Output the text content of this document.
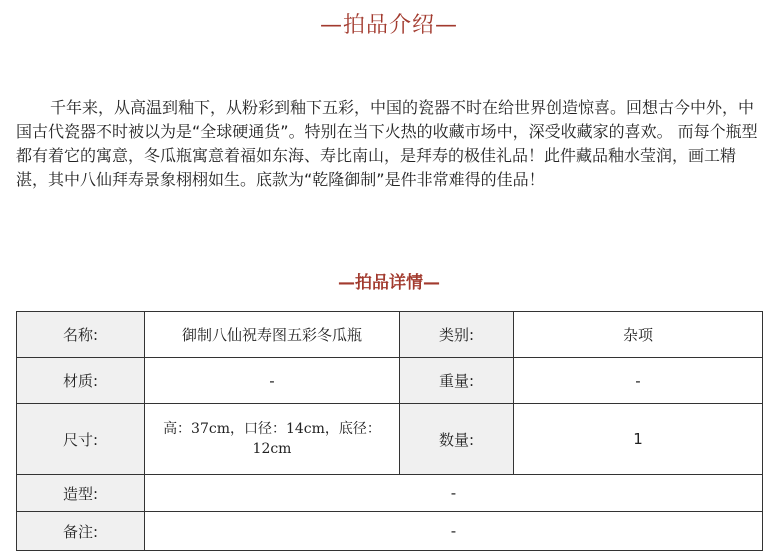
—拍品介绍—

千年来，从高温到釉下，从粉彩到釉下五彩，中国的瓷器不时在给世界创造惊喜。回想古今中外，中国古代瓷器不时被以为是“全球硬通货”。特别在当下火热的收藏市场中，深受收藏家的喜欢。 而每个瓶型都有着它的寓意，冬瓜瓶寓意着福如东海、寿比南山，是拜寿的极佳礼品！此件藏品釉水莹润，画工精湛，其中八仙拜寿景象栩栩如生。底款为“乾隆御制”是件非常难得的佳品！

—拍品详情—
名称:	御制八仙祝寿图五彩冬瓜瓶	类别:	杂项
材质:	-	重量:	-
尺寸:	高：37cm，口径：14cm，底径：12cm	数量:	1
造型:	-		
备注:	-		
